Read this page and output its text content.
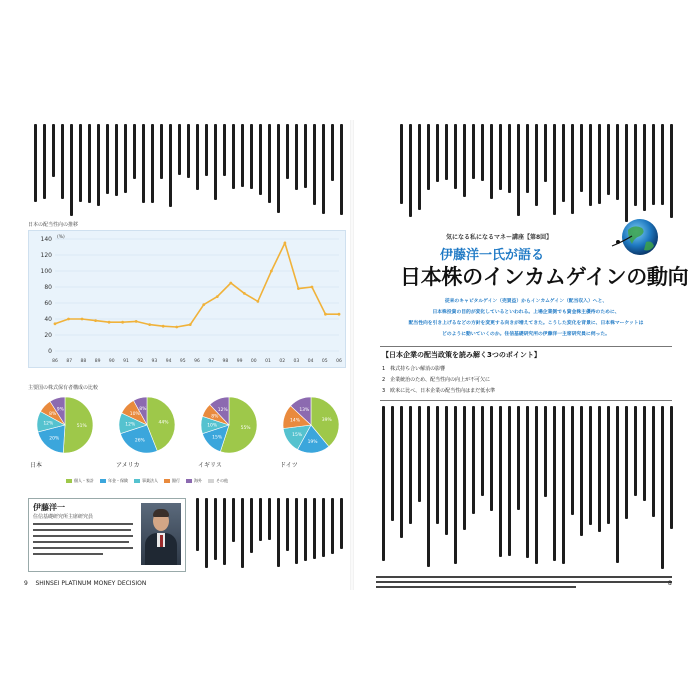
日本の配当性向の推移
0
20
40
60
80
100
120
140 (%)
86 87 88 89 90 91 92 93 94 95 96 97 98 99 00 01 02 03 04 05 06
主要国の株式保有者構成の比較
51%
20%
12%
8%
9%
日本
44%
26%
12%
10%
8%
アメリカ
55%
15%
10%
8%
12%
イギリス
39%
19%
15%
14%
13%
ドイツ
個人・家計	年金・保険	事業法人	銀行	海外	その他
伊藤洋一
住信基礎研究所主席研究員
9 SHINSEI PLATINUM MONEY DECISION
気になる私になるマネー講座【第8回】
伊藤洋一氏が語る
日本株のインカムゲインの動向
従来のキャピタルゲイン（売買益）からインカムゲイン（配当収入）へと、
日本株投資の目的が変化しているといわれる。上場企業側でも資金株主優待のために、
配当性向を引き上げるなどの方針を変更する向きが増えてきた。こうした変化を背景に、日本株マーケットは
どのように動いていくのか。住信基礎研究所の伊藤洋一主席研究員に伺った。
【日本企業の配当政策を読み解く3つのポイント】
1　株式持ち合い解消の影響
2　企業統治のため、配当性向の向上が不可欠に
3　欧米に比べ、日本企業の配当性向はまだ低水準
8
